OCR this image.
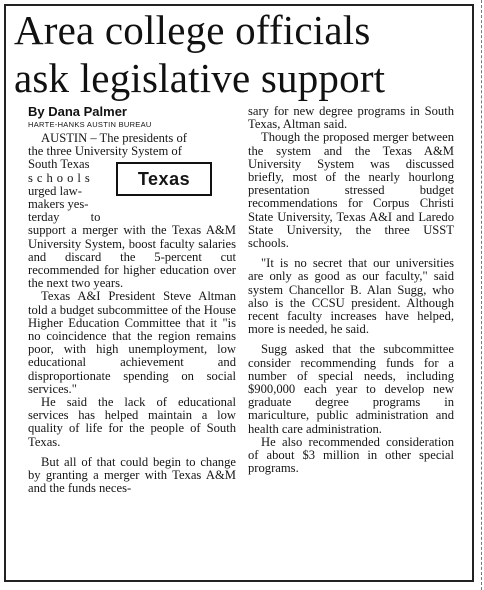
Area college officials
ask legislative support
By Dana Palmer
HARTE-HANKS AUSTIN BUREAU

AUSTIN – The presidents of

the three University System of

South Texas
schools
urged law-
makers yes-
terday to
Texas

support a merger with the Texas A&M University System, boost faculty salaries and discard the 5-percent cut recommended for higher education over the next two years.

Texas A&I President Steve Altman told a budget subcommittee of the House Higher Education Committee that it "is no coincidence that the region remains poor, with high unemployment, low educational achievement and disproportionate spending on social services."

He said the lack of educational services has helped maintain a low quality of life for the people of South Texas.

But all of that could begin to change by granting a merger with Texas A&M and the funds neces-

sary for new degree programs in South Texas, Altman said.

Though the proposed merger between the system and the Texas A&M University System was discussed briefly, most of the nearly hourlong presentation stressed budget recommendations for Corpus Christi State University, Texas A&I and Laredo State University, the three USST schools.

"It is no secret that our universities are only as good as our faculty," said system Chancellor B. Alan Sugg, who also is the CCSU president. Although recent faculty increases have helped, more is needed, he said.

Sugg asked that the subcommittee consider recommending funds for a number of special needs, including $900,000 each year to develop new graduate degree programs in mariculture, public administration and health care administration.

He also recommended consideration of about $3 million in other special programs.
